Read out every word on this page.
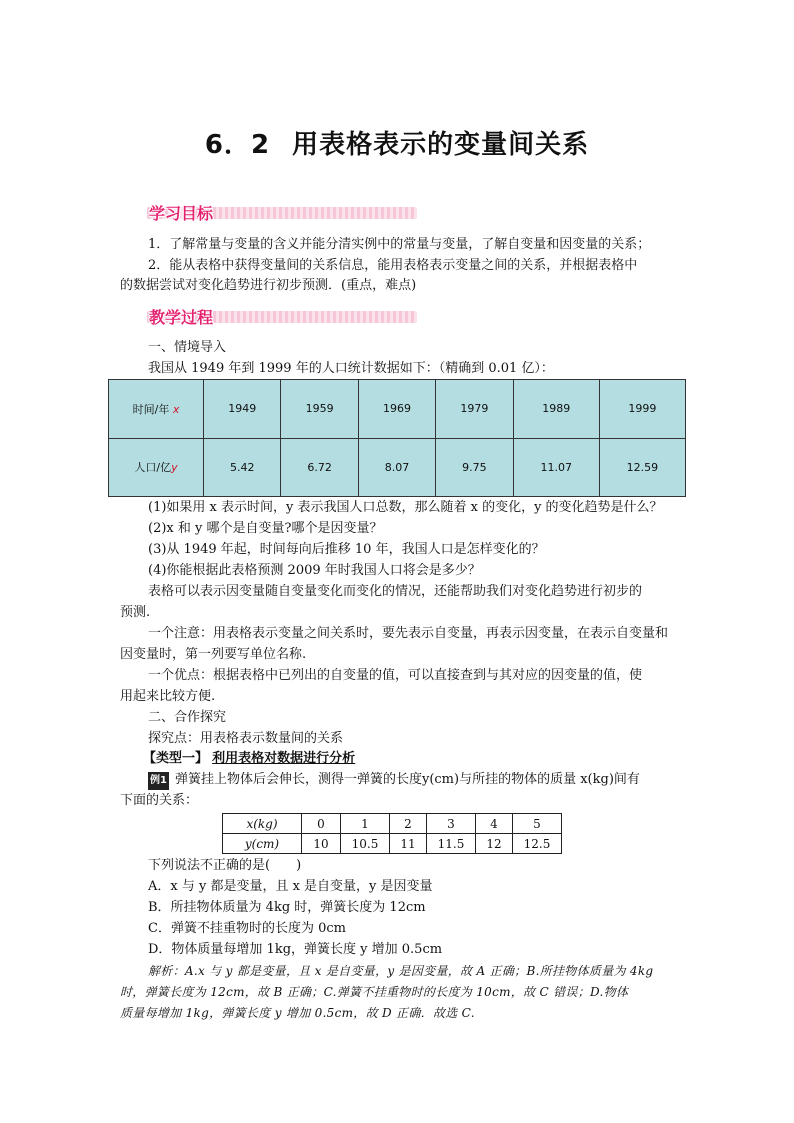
6．2 用表格表示的变量间关系
学习目标
1．了解常量与变量的含义并能分清实例中的常量与变量，了解自变量和因变量的关系；
2．能从表格中获得变量间的关系信息，能用表格表示变量之间的关系，并根据表格中
的数据尝试对变化趋势进行初步预测．(重点，难点)
教学过程
一、情境导入
我国从 1949 年到 1999 年的人口统计数据如下：（精确到 0.01 亿）：
时间/年 x	1949	1959	1969	1979	1989	1999
人口/亿y	5.42	6.72	8.07	9.75	11.07	12.59
(1)如果用 x 表示时间，y 表示我国人口总数，那么随着 x 的变化，y 的变化趋势是什么？
(2)x 和 y 哪个是自变量?哪个是因变量？
(3)从 1949 年起，时间每向后推移 10 年，我国人口是怎样变化的？
(4)你能根据此表格预测 2009 年时我国人口将会是多少？
表格可以表示因变量随自变量变化而变化的情况，还能帮助我们对变化趋势进行初步的
预测.
一个注意：用表格表示变量之间关系时，要先表示自变量，再表示因变量，在表示自变量和
因变量时，第一列要写单位名称.
一个优点：根据表格中已列出的自变量的值，可以直接查到与其对应的因变量的值，使
用起来比较方便.
二、合作探究
探究点：用表格表示数量间的关系
【类型一】 利用表格对数据进行分析
例1 弹簧挂上物体后会伸长，测得一弹簧的长度y(cm)与所挂的物体的质量 x(kg)间有
下面的关系：
x(kg)	0	1	2	3	4	5
y(cm)	10	10.5	11	11.5	12	12.5
下列说法不正确的是(　　)
A．x 与 y 都是变量，且 x 是自变量，y 是因变量
B．所挂物体质量为 4kg 时，弹簧长度为 12cm
C．弹簧不挂重物时的长度为 0cm
D．物体质量每增加 1kg，弹簧长度 y 增加 0.5cm
解析：A.x 与 y 都是变量，且 x 是自变量，y 是因变量，故 A 正确；B.所挂物体质量为 4kg
时，弹簧长度为 12cm，故 B 正确；C.弹簧不挂重物时的长度为 10cm，故 C 错误；D.物体
质量每增加 1kg，弹簧长度 y 增加 0.5cm，故 D 正确．故选 C.
